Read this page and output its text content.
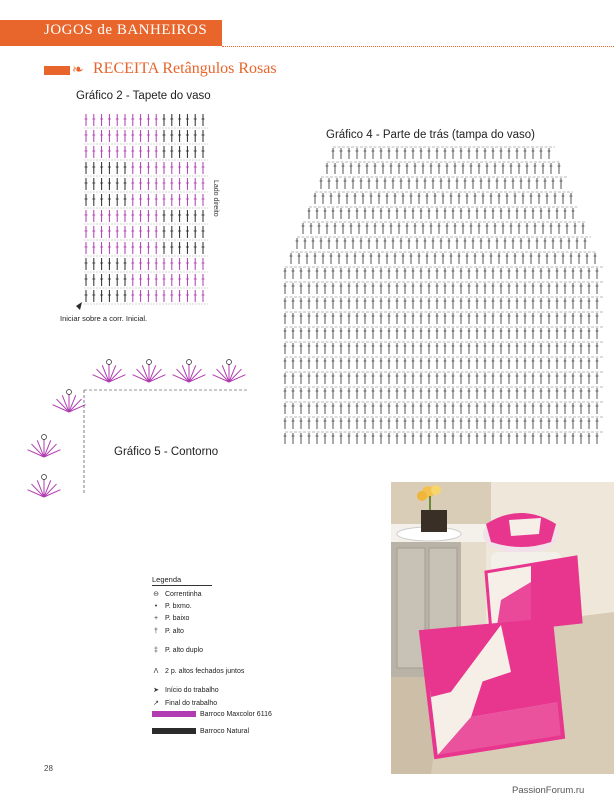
JOGOS de BANHEIROS
❧ RECEITA Retângulos Rosas
Gráfico 2 - Tapete do vaso
Lado direito
Iniciar sobre a corr. Inicial.
Gráfico 4 - Parte de trás (tampa do vaso)
Gráfico 5 - Contorno
Legenda
⊖ Correntinha
• P. bxmo.
+ P. baixo
† P. alto
‡ P. alto duplo
Λ 2 p. altos fechados juntos
➤ Início do trabalho
↗ Final do trabalho
Barroco Maxcolor 6116
Barroco Natural
28
PassionForum.ru
